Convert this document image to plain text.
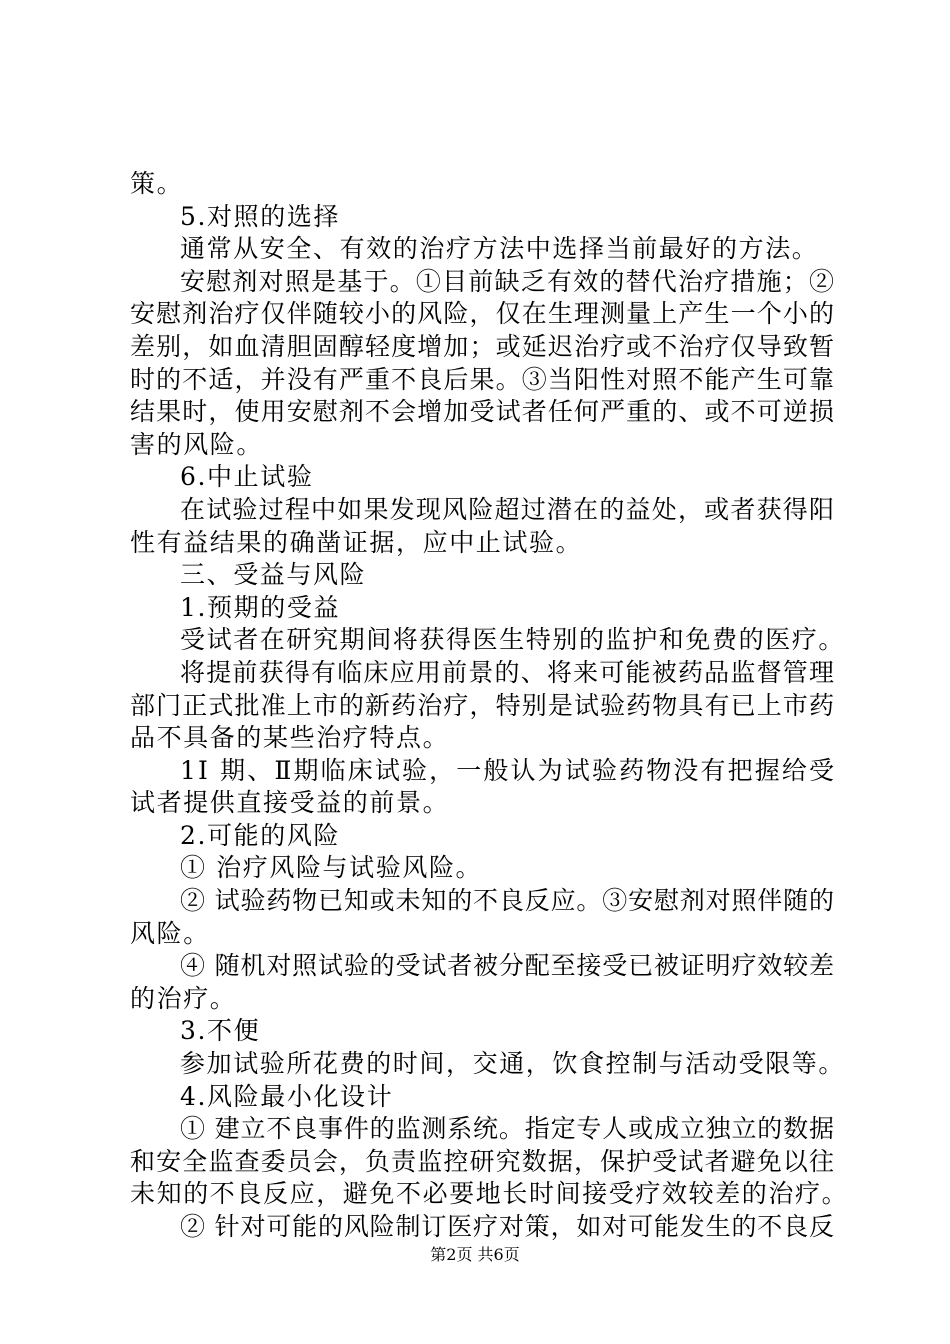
策。
5.对照的选择
通常从安全、有效的治疗方法中选择当前最好的方法。
安慰剂对照是基于。①目前缺乏有效的替代治疗措施；②
安慰剂治疗仅伴随较小的风险，仅在生理测量上产生一个小的
差别，如血清胆固醇轻度增加；或延迟治疗或不治疗仅导致暂
时的不适，并没有严重不良后果。③当阳性对照不能产生可靠
结果时，使用安慰剂不会增加受试者任何严重的、或不可逆损
害的风险。
6.中止试验
在试验过程中如果发现风险超过潜在的益处，或者获得阳
性有益结果的确凿证据，应中止试验。
三、受益与风险
1.预期的受益
受试者在研究期间将获得医生特别的监护和免费的医疗。
将提前获得有临床应用前景的、将来可能被药品监督管理
部门正式批准上市的新药治疗，特别是试验药物具有已上市药
品不具备的某些治疗特点。
1Ⅰ 期、Ⅱ期临床试验，一般认为试验药物没有把握给受
试者提供直接受益的前景。
2.可能的风险
① 治疗风险与试验风险。
② 试验药物已知或未知的不良反应。③安慰剂对照伴随的
风险。
④ 随机对照试验的受试者被分配至接受已被证明疗效较差
的治疗。
3.不便
参加试验所花费的时间，交通，饮食控制与活动受限等。
4.风险最小化设计
① 建立不良事件的监测系统。指定专人或成立独立的数据
和安全监查委员会，负责监控研究数据，保护受试者避免以往
未知的不良反应，避免不必要地长时间接受疗效较差的治疗。
② 针对可能的风险制订医疗对策，如对可能发生的不良反
第2页 共6页
